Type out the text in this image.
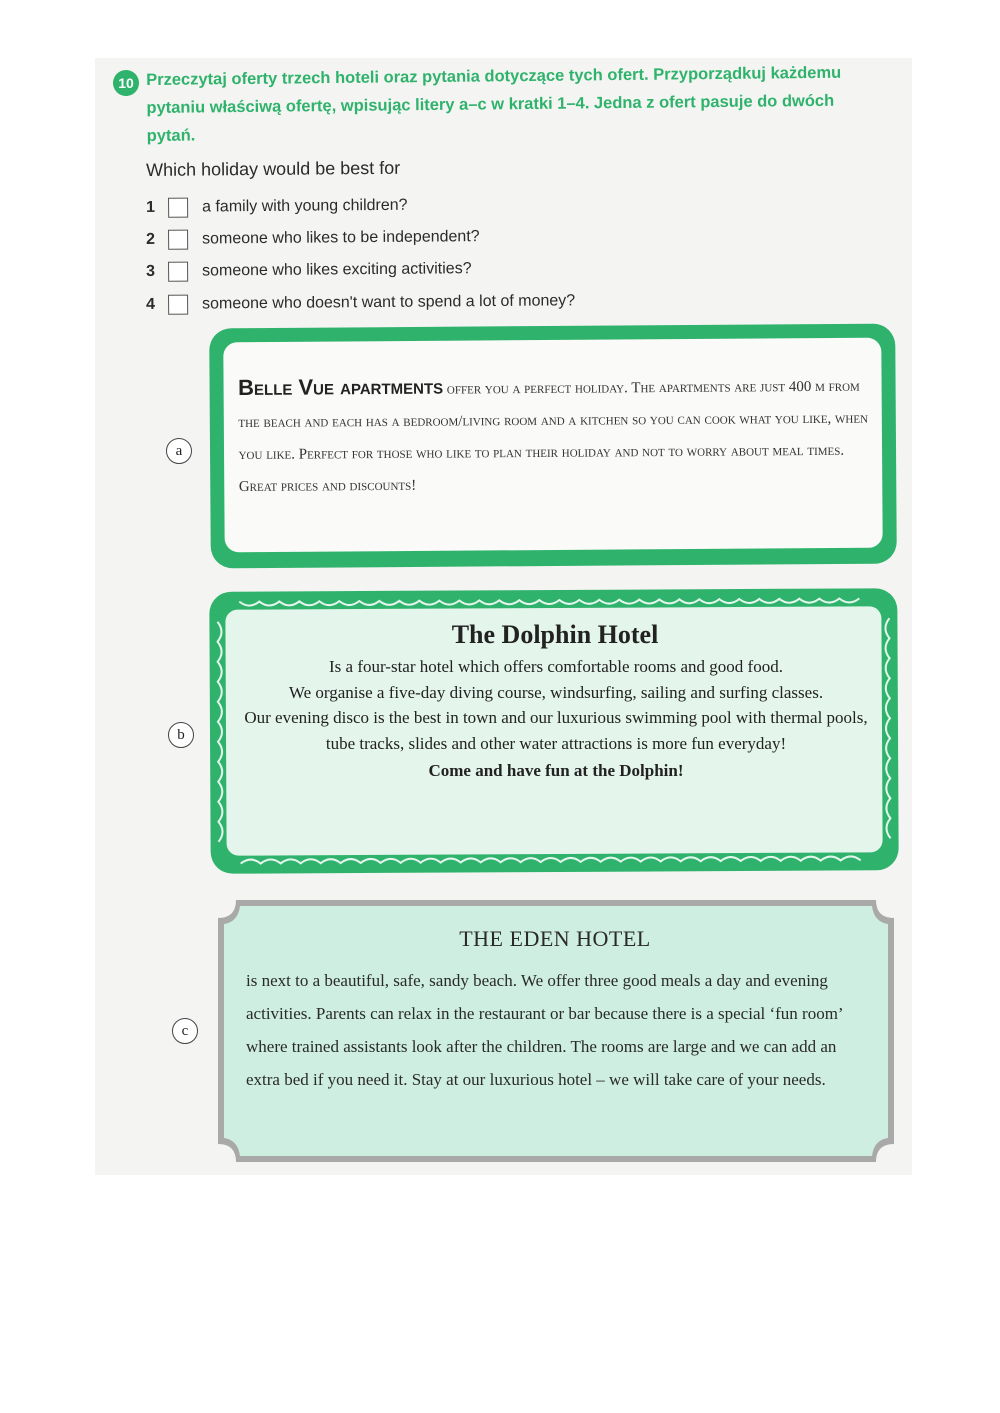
10 Przeczytaj oferty trzech hoteli oraz pytania dotyczące tych ofert. Przyporządkuj każdemu pytaniu właściwą ofertę, wpisując litery a–c w kratki 1–4. Jedna z ofert pasuje do dwóch pytań.
Which holiday would be best for
1	a family with young children?
2	someone who likes to be independent?
3	someone who likes exciting activities?
4	someone who doesn't want to spend a lot of money?
a
Belle Vue apartments offer you a perfect holiday. The apartments are just 400 m from the beach and each has a bedroom/living room and a kitchen so you can cook what you like, when you like. Perfect for those who like to plan their holiday and not to worry about meal times. Great prices and discounts!
b
The Dolphin Hotel

Is a four-star hotel which offers comfortable rooms and good food.

We organise a five-day diving course, windsurfing, sailing and surfing classes.

Our evening disco is the best in town and our luxurious swimming pool with thermal pools, tube tracks, slides and other water attractions is more fun everyday!

Come and have fun at the Dolphin!

c
THE EDEN HOTEL
is next to a beautiful, safe, sandy beach. We offer three good meals a day and evening activities. Parents can relax in the restaurant or bar because there is a special ‘fun room’ where trained assistants look after the children. The rooms are large and we can add an extra bed if you need it. Stay at our luxurious hotel – we will take care of your needs.
